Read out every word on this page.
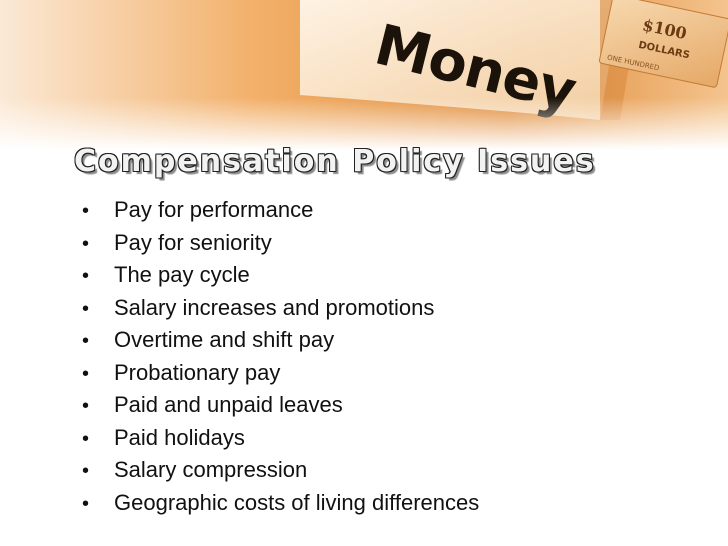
Compensation Policy Issues
•	Pay for performance
•	Pay for seniority
•	The pay cycle
•	Salary increases and promotions
•	Overtime and shift pay
•	Probationary pay
•	Paid and unpaid leaves
•	Paid holidays
•	Salary compression
•	Geographic costs of living differences
